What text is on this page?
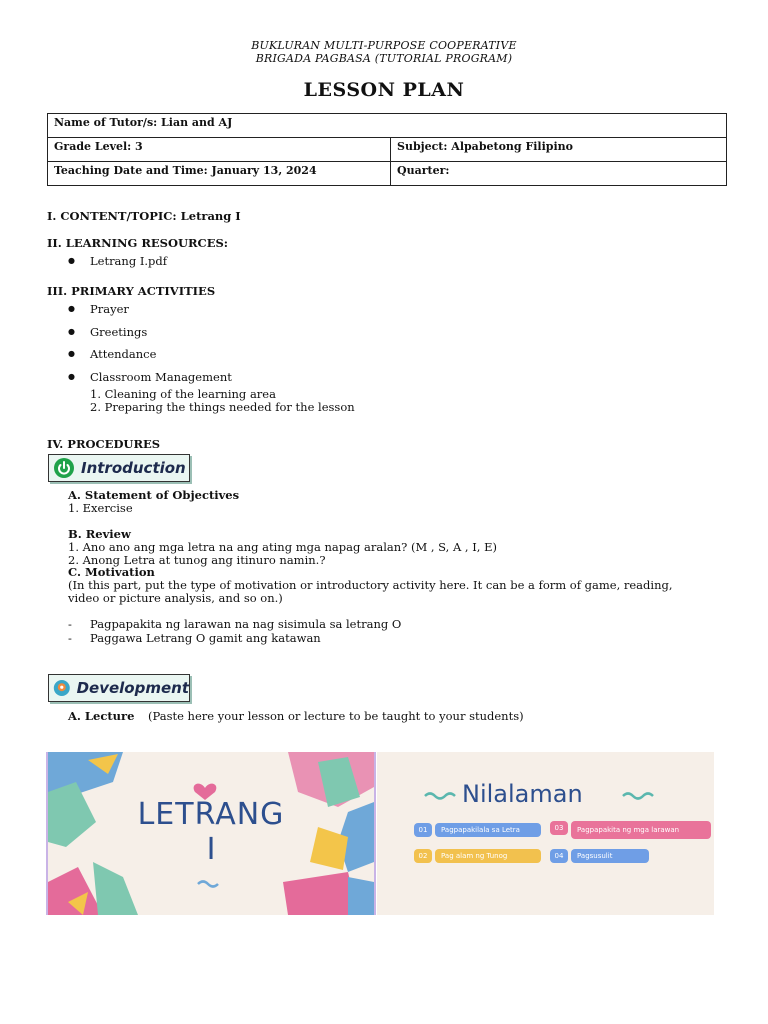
BUKLURAN MULTI-PURPOSE COOPERATIVE
BRIGADA PAGBASA (TUTORIAL PROGRAM)
LESSON PLAN
Name of Tutor/s: Lian and AJ	
Grade Level: 3	Subject: Alpabetong Filipino
Teaching Date and Time: January 13, 2024	Quarter:
I. CONTENT/TOPIC: Letrang I
II. LEARNING RESOURCES:
● Letrang I.pdf
III. PRIMARY ACTIVITIES
● Prayer
● Greetings
● Attendance
● Classroom Management
1. Cleaning of the learning area
2. Preparing the things needed for the lesson
IV. PROCEDURES
Introduction
A. Statement of Objectives
1. Exercise
B. Review
1. Ano ano ang mga letra na ang ating mga napag aralan? (M , S, A , I, E)
2. Anong Letra at tunog ang itinuro namin.?
C. Motivation
(In this part, put the type of motivation or introductory activity here. It can be a form of game, reading,
video or picture analysis, and so on.)
- Pagpapakita ng larawan na nag sisimula sa letrang O
- Paggawa Letrang O gamit ang katawan
Development
A. Lecture (Paste here your lesson or lecture to be taught to your students)
LETRANG
I
Nilalaman
01	Pagpapakilala sa Letra
02	Pag alam ng Tunog
03	Pagpapakita ng mga larawan
04	Pagsusulit
